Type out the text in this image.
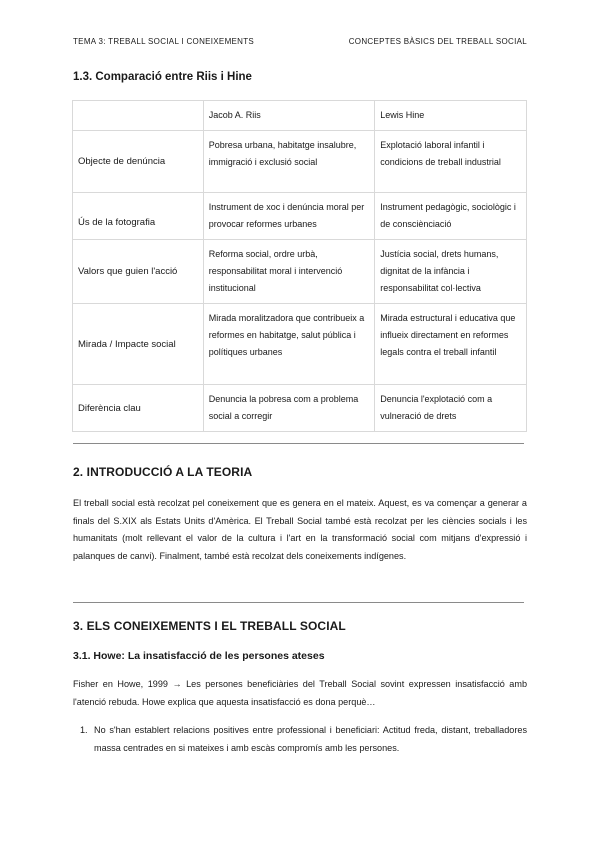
TEMA 3: TREBALL SOCIAL I CONEIXEMENTS	CONCEPTES BÀSICS DEL TREBALL SOCIAL
1.3. Comparació entre Riis i Hine
	Jacob A. Riis	Lewis Hine
Objecte de denúncia	Pobresa urbana, habitatge insalubre, immigració i exclusió social	Explotació laboral infantil i condicions de treball industrial
Ús de la fotografia	Instrument de xoc i denúncia moral per provocar reformes urbanes	Instrument pedagògic, sociològic i de consciènciació
Valors que guien l'acció	Reforma social, ordre urbà, responsabilitat moral i intervenció institucional	Justícia social, drets humans, dignitat de la infància i responsabilitat col·lectiva
Mirada / Impacte social	Mirada moralitzadora que contribueix a reformes en habitatge, salut pública i polítiques urbanes	Mirada estructural i educativa que influeix directament en reformes legals contra el treball infantil
Diferència clau	Denuncia la pobresa com a problema social a corregir	Denuncia l'explotació com a vulneració de drets
2. INTRODUCCIÓ A LA TEORIA
El treball social està recolzat pel coneixement que es genera en el mateix. Aquest, es va començar a generar a finals del S.XIX als Estats Units d'Amèrica. El Treball Social també està recolzat per les ciències socials i les humanitats (molt rellevant el valor de la cultura i l'art en la transformació social com mitjans d'expressió i palanques de canvi). Finalment, també està recolzat dels coneixements indígenes.
3. ELS CONEIXEMENTS I EL TREBALL SOCIAL
3.1. Howe: La insatisfacció de les persones ateses
Fisher en Howe, 1999 → Les persones beneficiàries del Treball Social sovint expressen insatisfacció amb l'atenció rebuda. Howe explica que aquesta insatisfacció es dona perquè…
1. No s'han establert relacions positives entre professional i beneficiari: Actitud freda, distant, treballadores massa centrades en si mateixes i amb escàs compromís amb les persones.
